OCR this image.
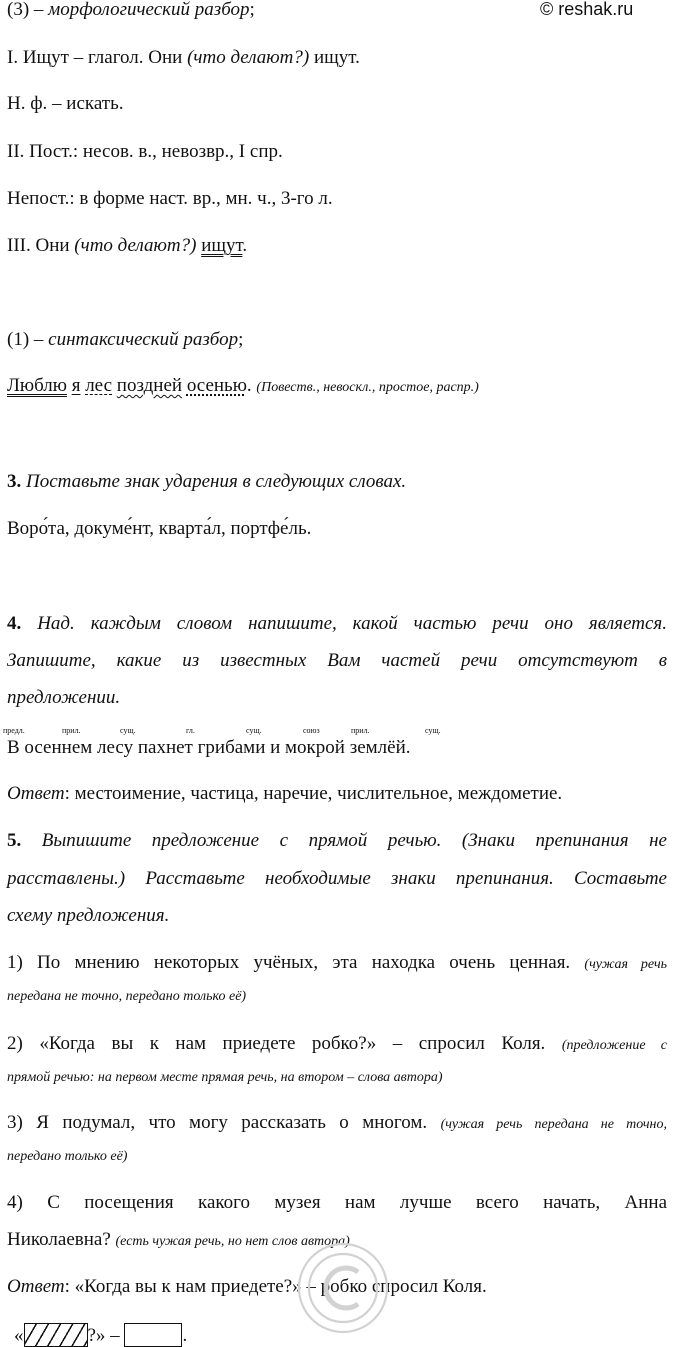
(3) – морфологический разбор;	© reshak.ru
I. Ищут – глагол. Они (что делают?) ищут.
Н. ф. – искать.
II. Пост.: несов. в., невозвр., I спр.
Непост.: в форме наст. вр., мн. ч., 3-го л.
III. Они (что делают?) ищут.
(1) – синтаксический разбор;
Люблю я лес поздней осенью. (Повеств., невоскл., простое, распр.)
3. Поставьте знак ударения в следующих словах.
Воро́та, докуме́нт, кварта́л, портфе́ль.
4. Над. каждым словом напишите, какой частью речи оно является.
Запишите, какие из известных Вам частей речи отсутствуют в
предложении.
предл.	прил.	сущ.	гл.	сущ.	союз	прил.	сущ.
В осеннем лесу пахнет грибами и мокрой землёй.
Ответ: местоимение, частица, наречие, числительное, междометие.
5. Выпишите предложение с прямой речью. (Знаки препинания не
расставлены.) Расставьте необходимые знаки препинания. Составьте
схему предложения.
1) По мнению некоторых учёных, эта находка очень ценная. (чужая речь
передана не точно, передано только её)
2) «Когда вы к нам приедете робко?» – спросил Коля. (предложение с
прямой речью: на первом месте прямая речь, на втором – слова автора)
3) Я подумал, что могу рассказать о многом. (чужая речь передана не точно,
передано только её)
4) С посещения какого музея нам лучше всего начать, Анна
Николаевна? (есть чужая речь, но нет слов автора)
Ответ: «Когда вы к нам приедете?» – робко спросил Коля.
«	?» –	.
